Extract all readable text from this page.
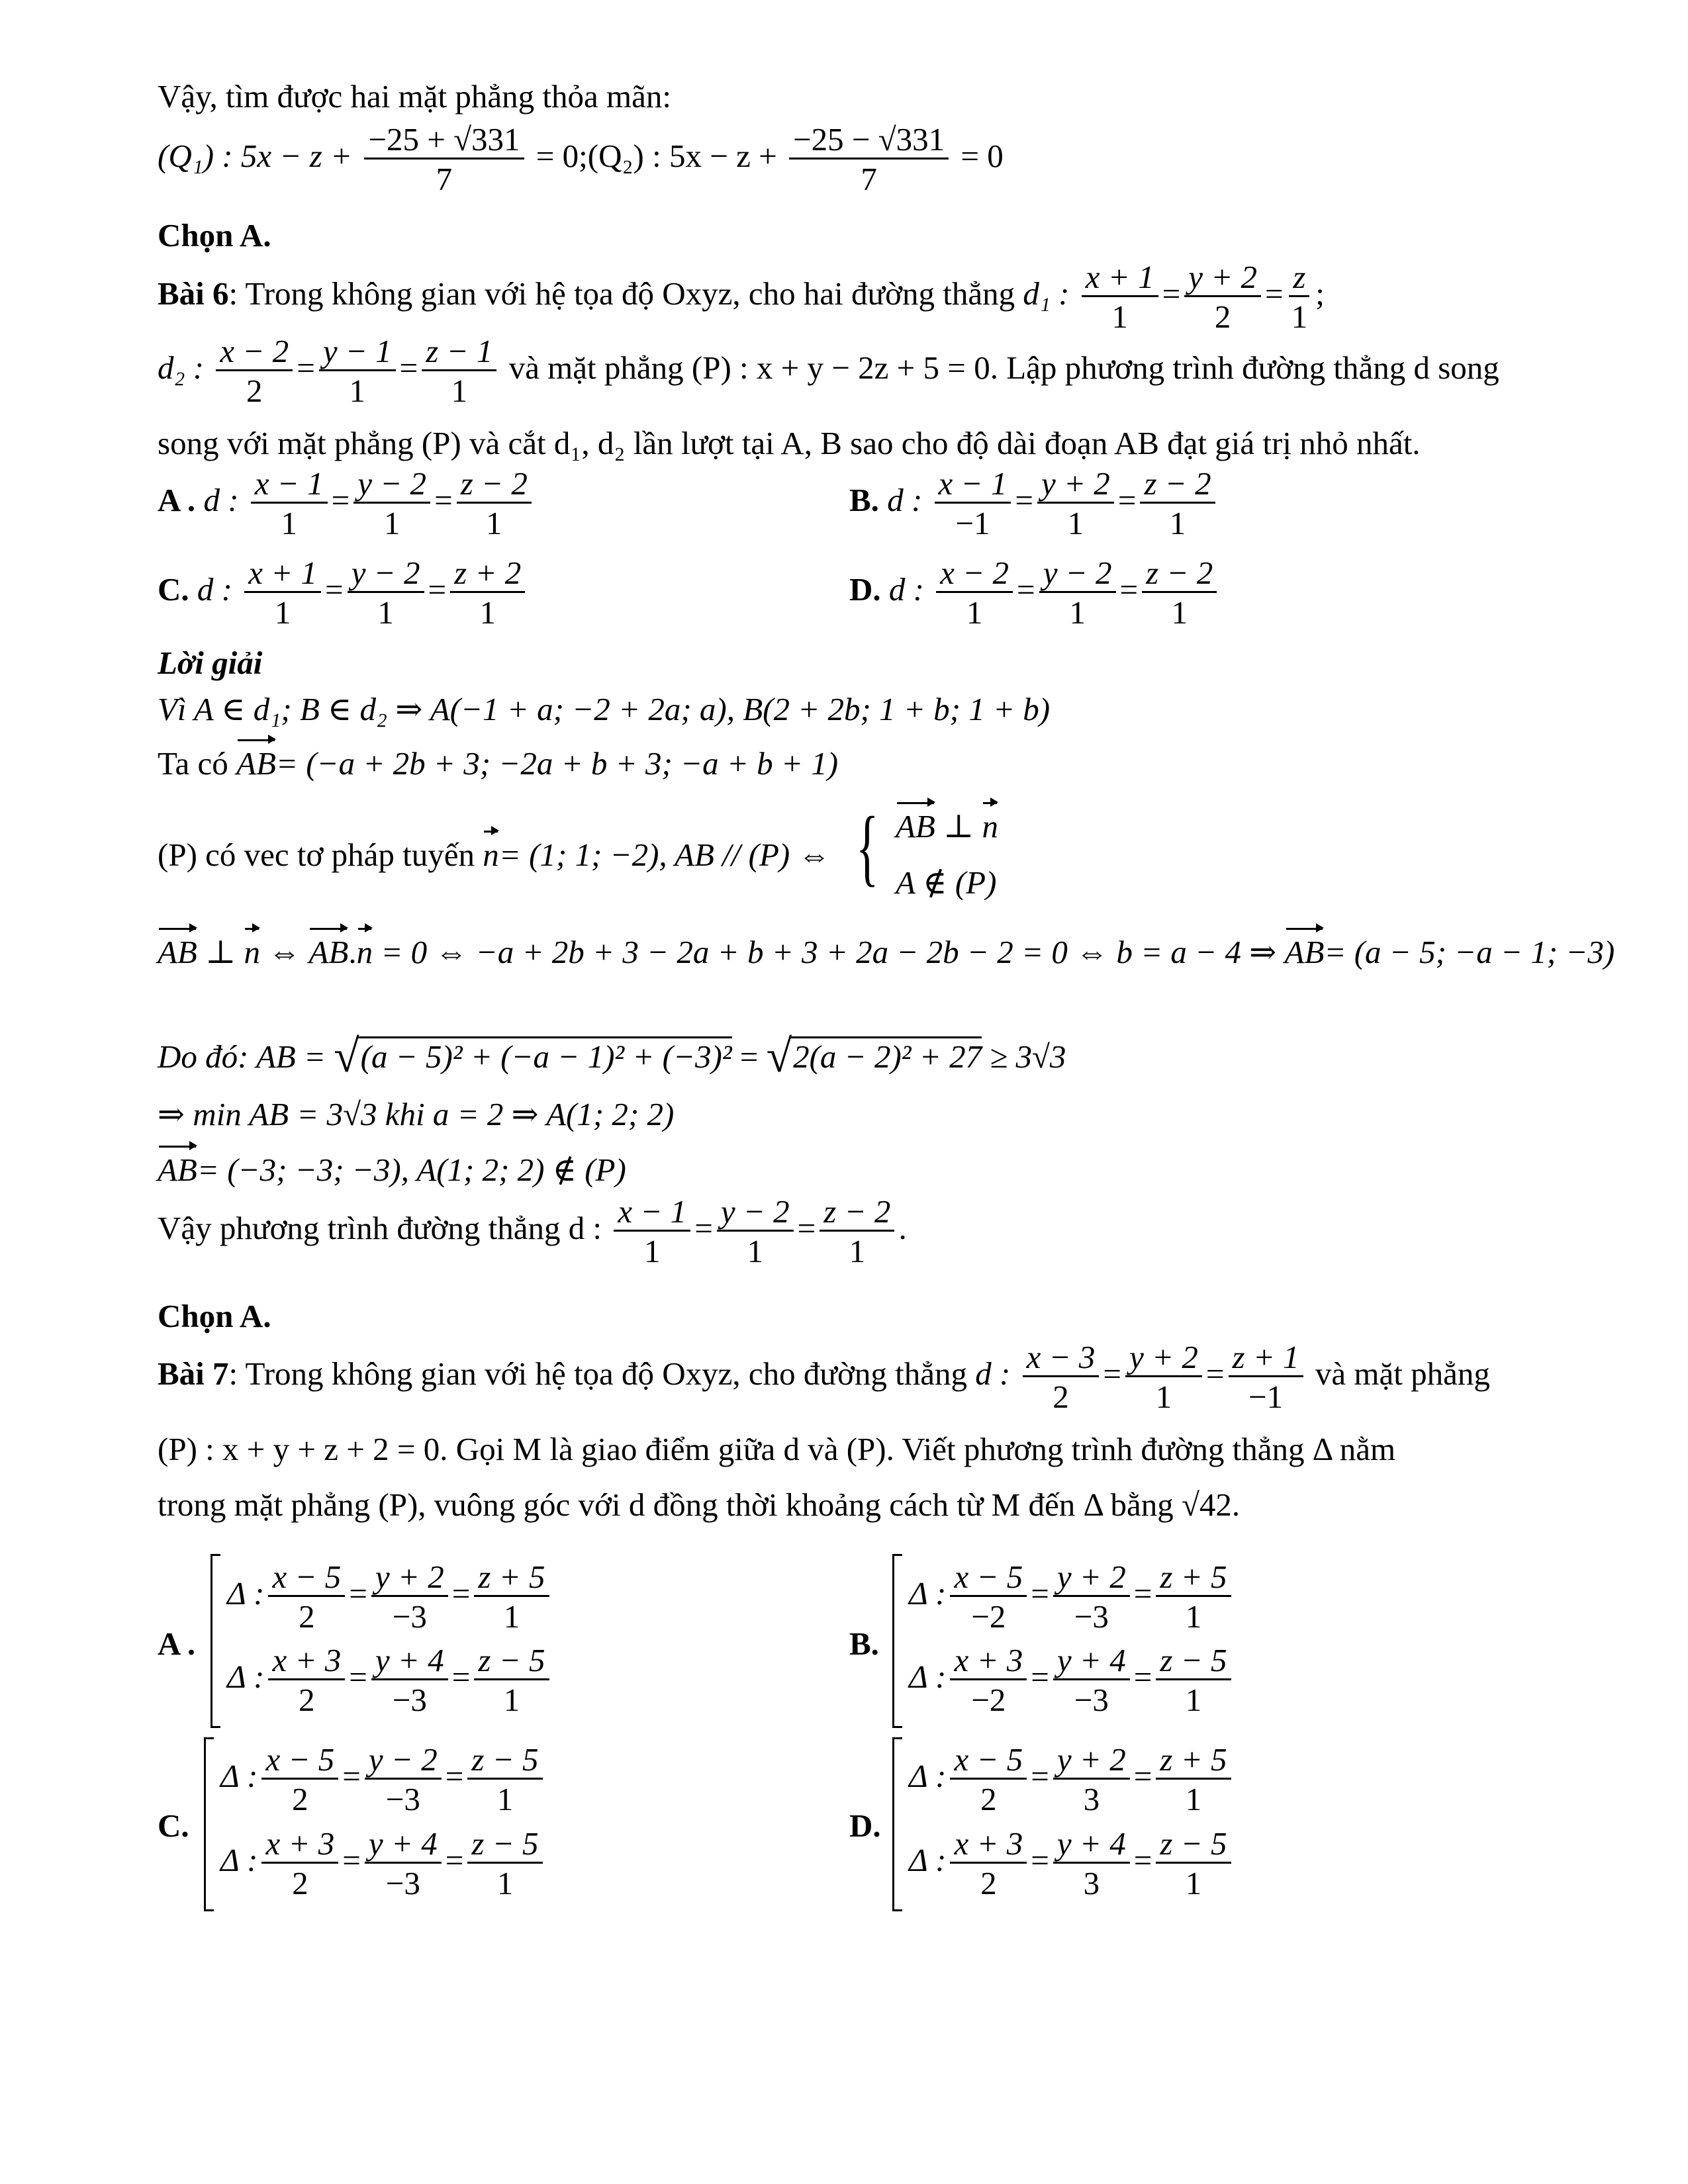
Vậy, tìm được hai mặt phẳng thỏa mãn:
(Q₁) : $5x - z + \frac{-25 + √331}{7}$ = 0;(Q₂) : $5x - z + \frac{-25 - √331}{7} = 0$
Chọn A.
Bài 6: Trong không gian với hệ tọa độ Oxyz, cho hai đường thẳng d₁ : $\frac{x + 1}{1} = \frac{y + 2}{2} = \frac{z}{1}$ ;
d₂ : $\frac{x - 2}{2} = \frac{y - 1}{1} = \frac{z - 1}{1}$ và mặt phẳng (P) : x + y − 2z + 5 = 0. Lập phương trình đường thẳng d song
song với mặt phẳng (P) và cắt d₁, d₂ lần lượt tại A, B sao cho độ dài đoạn AB đạt giá trị nhỏ nhất.
A . d : $\frac{x - 1}{1} = \frac{y - 2}{1} = \frac{z - 2}{1}$	B. d : $\frac{x - 1}{-1} = \frac{y + 2}{1} = \frac{z - 2}{1}$
C. d : $\frac{x + 1}{1} = \frac{y - 2}{1} = \frac{z + 2}{1}$	D. d : $\frac{x - 2}{1} = \frac{y - 2}{1} = \frac{z - 2}{1}$
Lời giải
Vì A ∈ d₁; B ∈ d₂ ⇒ A(−1 + a; −2 + 2a; a), B(2 + 2b; 1 + b; 1 + b)
Ta có AB= (−a + 2b + 3; −2a + b + 3; −a + b + 1)
(P) có vec tơ pháp tuyến n= (1; 1; −2), AB // (P) ⇔ { AB ⊥ n
A ∉ (P)
AB ⊥ n ⇔ AB.n = 0 ⇔ −a + 2b + 3 − 2a + b + 3 + 2a − 2b − 2 = 0 ⇔ b = a − 4 ⇒ AB= (a − 5; −a − 1; −3)
Do đó: AB = √(a − 5)² + (−a − 1)² + (−3)² = √2(a − 2)² + 27 ≥ 3√3
⇒ min AB = 3√3 khi a = 2 ⇒ A(1; 2; 2)
AB= (−3; −3; −3), A(1; 2; 2) ∉ (P)
Vậy phương trình đường thẳng d : $\frac{x - 1}{1} = \frac{y - 2}{1} = \frac{z - 2}{1}$ .
Chọn A.
Bài 7: Trong không gian với hệ tọa độ Oxyz, cho đường thẳng d : $\frac{x - 3}{2} = \frac{y + 2}{1} = \frac{z + 1}{-1}$ và mặt phẳng
(P) : x + y + z + 2 = 0. Gọi M là giao điểm giữa d và (P). Viết phương trình đường thẳng Δ nằm
trong mặt phẳng (P), vuông góc với d đồng thời khoảng cách từ M đến Δ bằng √42.
A .
Δ : $\frac{x - 5}{2} = \frac{y + 2}{-3} = \frac{z + 5}{1}$
Δ : $\frac{x + 3}{2} = \frac{y + 4}{-3} = \frac{z - 5}{1}$	B.
Δ : $\frac{x - 5}{-2} = \frac{y + 2}{-3} = \frac{z + 5}{1}$
Δ : $\frac{x + 3}{-2} = \frac{y + 4}{-3} = \frac{z - 5}{1}$
C.
Δ : $\frac{x - 5}{2} = \frac{y - 2}{-3} = \frac{z - 5}{1}$
Δ : $\frac{x + 3}{2} = \frac{y + 4}{-3} = \frac{z - 5}{1}$
D.
Δ : $\frac{x - 5}{2} = \frac{y + 2}{3} = \frac{z + 5}{1}$
Δ : $\frac{x + 3}{2} = \frac{y + 4}{3} = \frac{z - 5}{1}$
